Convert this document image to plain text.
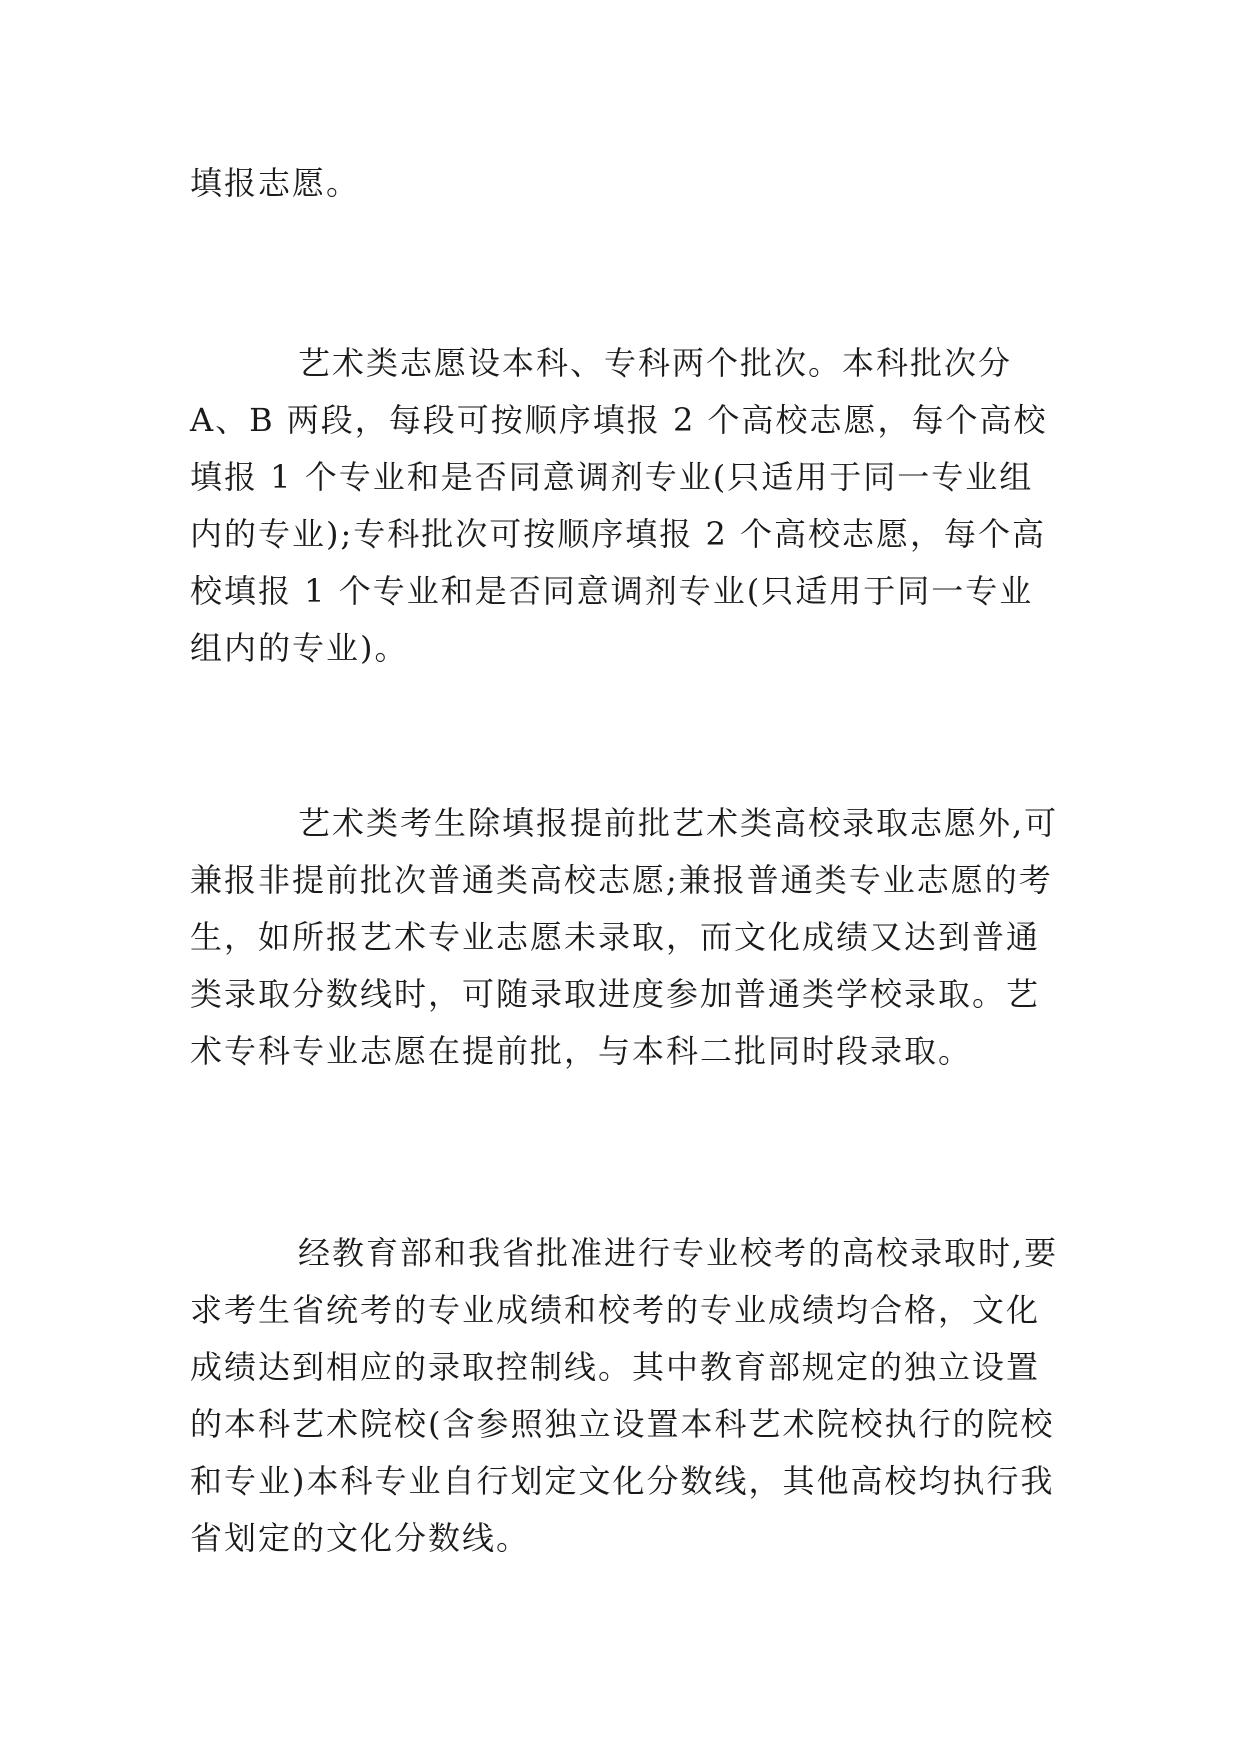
填报志愿。

艺术类志愿设本科、专科两个批次。本科批次分 A、B 两段，每段可按顺序填报 2 个高校志愿，每个高校填报 1 个专业和是否同意调剂专业(只适用于同一专业组内的专业);专科批次可按顺序填报 2 个高校志愿，每个高校填报 1 个专业和是否同意调剂专业(只适用于同一专业组内的专业)。

艺术类考生除填报提前批艺术类高校录取志愿外,可兼报非提前批次普通类高校志愿;兼报普通类专业志愿的考生，如所报艺术专业志愿未录取，而文化成绩又达到普通类录取分数线时，可随录取进度参加普通类学校录取。艺术专科专业志愿在提前批，与本科二批同时段录取。

经教育部和我省批准进行专业校考的高校录取时,要求考生省统考的专业成绩和校考的专业成绩均合格，文化成绩达到相应的录取控制线。其中教育部规定的独立设置的本科艺术院校(含参照独立设置本科艺术院校执行的院校和专业)本科专业自行划定文化分数线，其他高校均执行我省划定的文化分数线。
